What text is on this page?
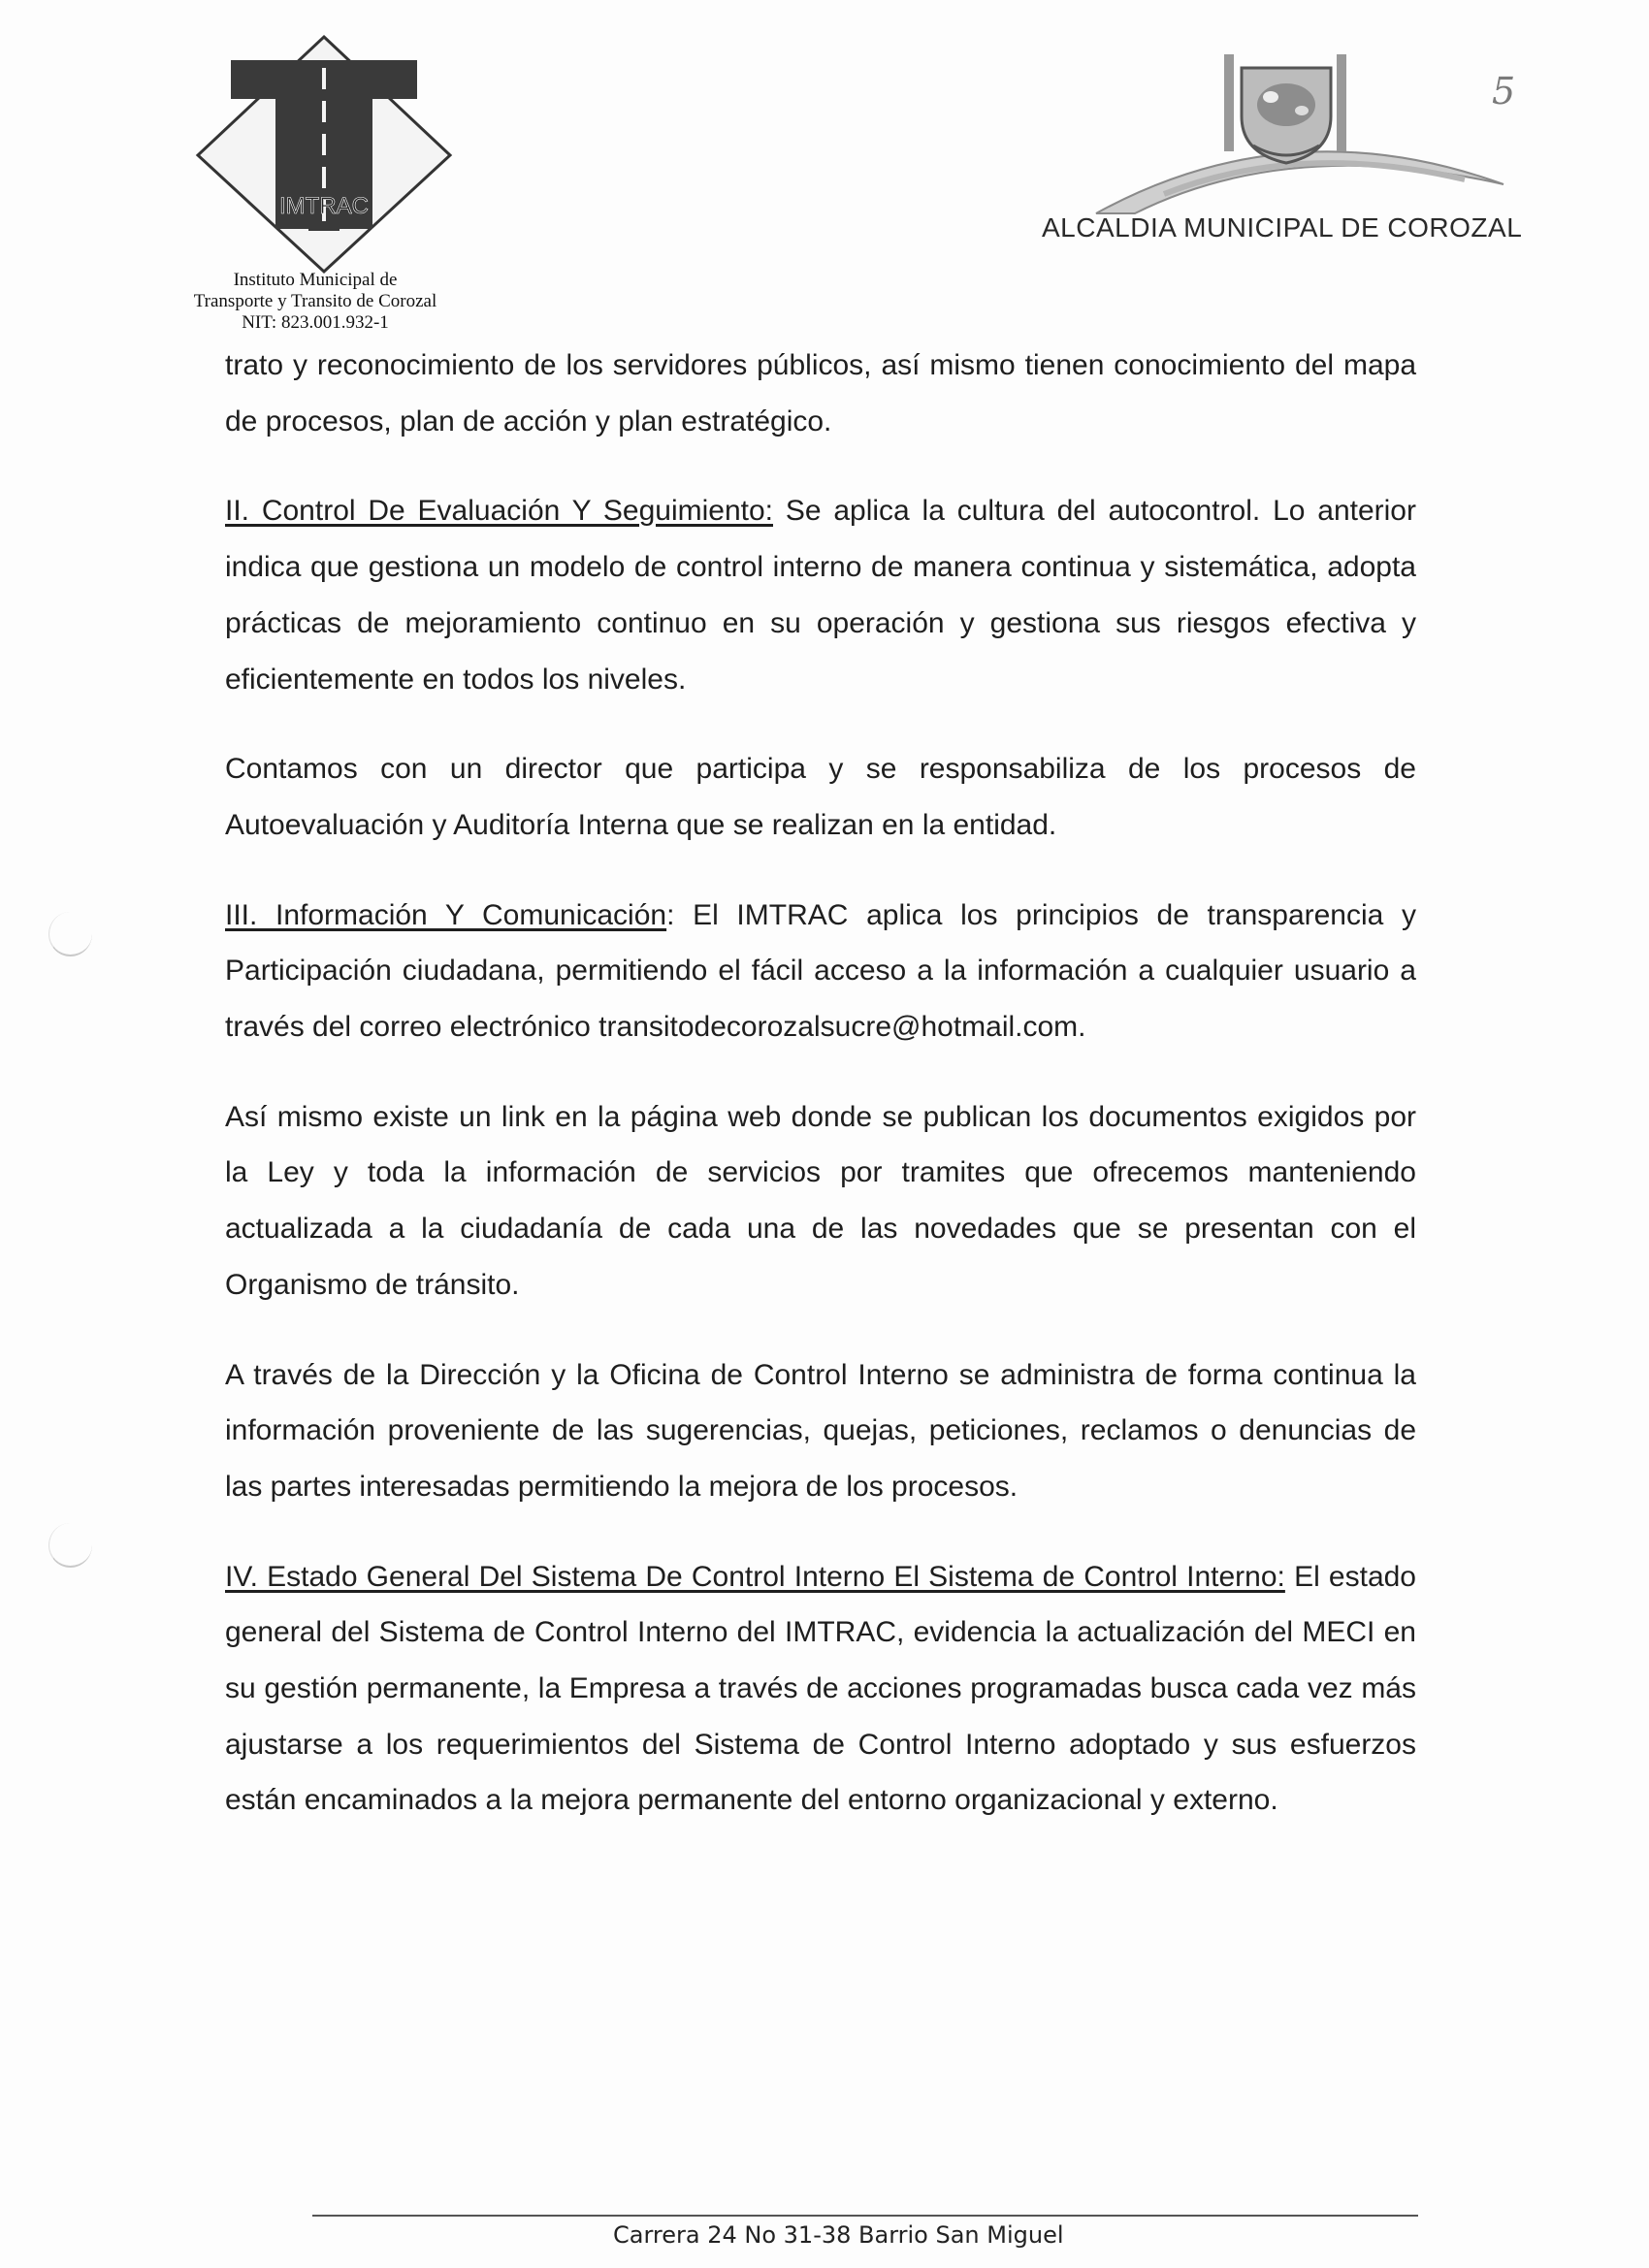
IMTRAC
Instituto Municipal de
Transporte y Transito de Corozal
NIT: 823.001.932-1
ALCALDIA MUNICIPAL DE COROZAL
5

trato y reconocimiento de los servidores públicos, así mismo tienen conocimiento del mapa de procesos, plan de acción y plan estratégico.

II. Control De Evaluación Y Seguimiento: Se aplica la cultura del autocontrol. Lo anterior indica que gestiona un modelo de control interno de manera continua y sistemática, adopta prácticas de mejoramiento continuo en su operación y gestiona sus riesgos efectiva y eficientemente en todos los niveles.

Contamos con un director que participa y se responsabiliza de los procesos de Autoevaluación y Auditoría Interna que se realizan en la entidad.

III. Información Y Comunicación: El IMTRAC aplica los principios de transparencia y Participación ciudadana, permitiendo el fácil acceso a la información a cualquier usuario a través del correo electrónico transitodecorozalsucre@hotmail.com.

Así mismo existe un link en la página web donde se publican los documentos exigidos por la Ley y toda la información de servicios por tramites que ofrecemos manteniendo actualizada a la ciudadanía de cada una de las novedades que se presentan con el Organismo de tránsito.

A través de la Dirección y la Oficina de Control Interno se administra de forma continua la información proveniente de las sugerencias, quejas, peticiones, reclamos o denuncias de las partes interesadas permitiendo la mejora de los procesos.

IV. Estado General Del Sistema De Control Interno El Sistema de Control Interno: El estado general del Sistema de Control Interno del IMTRAC, evidencia la actualización del MECI en su gestión permanente, la Empresa a través de acciones programadas busca cada vez más ajustarse a los requerimientos del Sistema de Control Interno adoptado y sus esfuerzos están encaminados a la mejora permanente del entorno organizacional y externo.

Carrera 24 No 31-38 Barrio San Miguel
